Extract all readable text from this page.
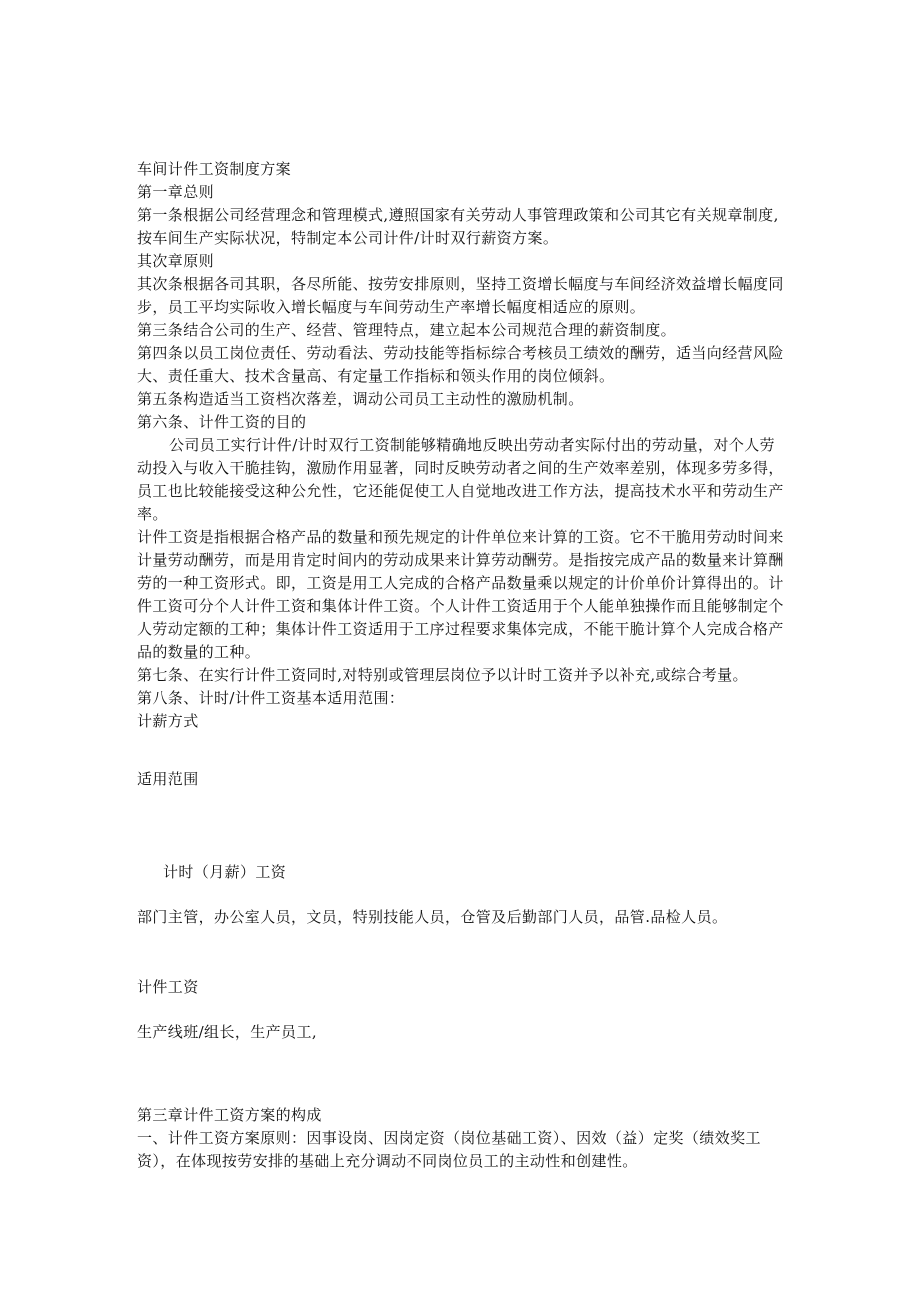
车间计件工资制度方案
第一章总则
第一条根据公司经营理念和管理模式,遵照国家有关劳动人事管理政策和公司其它有关规章制度,
按车间生产实际状况，特制定本公司计件/计时双行薪资方案。
其次章原则
其次条根据各司其职，各尽所能、按劳安排原则，坚持工资增长幅度与车间经济效益增长幅度同
步，员工平均实际收入增长幅度与车间劳动生产率增长幅度相适应的原则。
第三条结合公司的生产、经营、管理特点，建立起本公司规范合理的薪资制度。
第四条以员工岗位责任、劳动看法、劳动技能等指标综合考核员工绩效的酬劳，适当向经营风险
大、责任重大、技术含量高、有定量工作指标和领头作用的岗位倾斜。
第五条构造适当工资档次落差，调动公司员工主动性的激励机制。
第六条、计件工资的目的
公司员工实行计件/计时双行工资制能够精确地反映出劳动者实际付出的劳动量，对个人劳
动投入与收入干脆挂钩，激励作用显著，同时反映劳动者之间的生产效率差别，体现多劳多得，
员工也比较能接受这种公允性，它还能促使工人自觉地改进工作方法，提高技术水平和劳动生产
率。
计件工资是指根据合格产品的数量和预先规定的计件单位来计算的工资。它不干脆用劳动时间来
计量劳动酬劳，而是用肯定时间内的劳动成果来计算劳动酬劳。是指按完成产品的数量来计算酬
劳的一种工资形式。即，工资是用工人完成的合格产品数量乘以规定的计价单价计算得出的。计
件工资可分个人计件工资和集体计件工资。个人计件工资适用于个人能单独操作而且能够制定个
人劳动定额的工种；集体计件工资适用于工序过程要求集体完成，不能干脆计算个人完成合格产
品的数量的工种。
第七条、在实行计件工资同时,对特别或管理层岗位予以计时工资并予以补充,或综合考量。
第八条、计时/计件工资基本适用范围：
计薪方式
适用范围
计时（月薪）工资
部门主管，办公室人员，文员，特别技能人员，仓管及后勤部门人员，品管.品检人员。
计件工资
生产线班/组长，生产员工,
第三章计件工资方案的构成
一、计件工资方案原则：因事设岗、因岗定资（岗位基础工资）、因效（益）定奖（绩效奖工
资），在体现按劳安排的基础上充分调动不同岗位员工的主动性和创建性。
